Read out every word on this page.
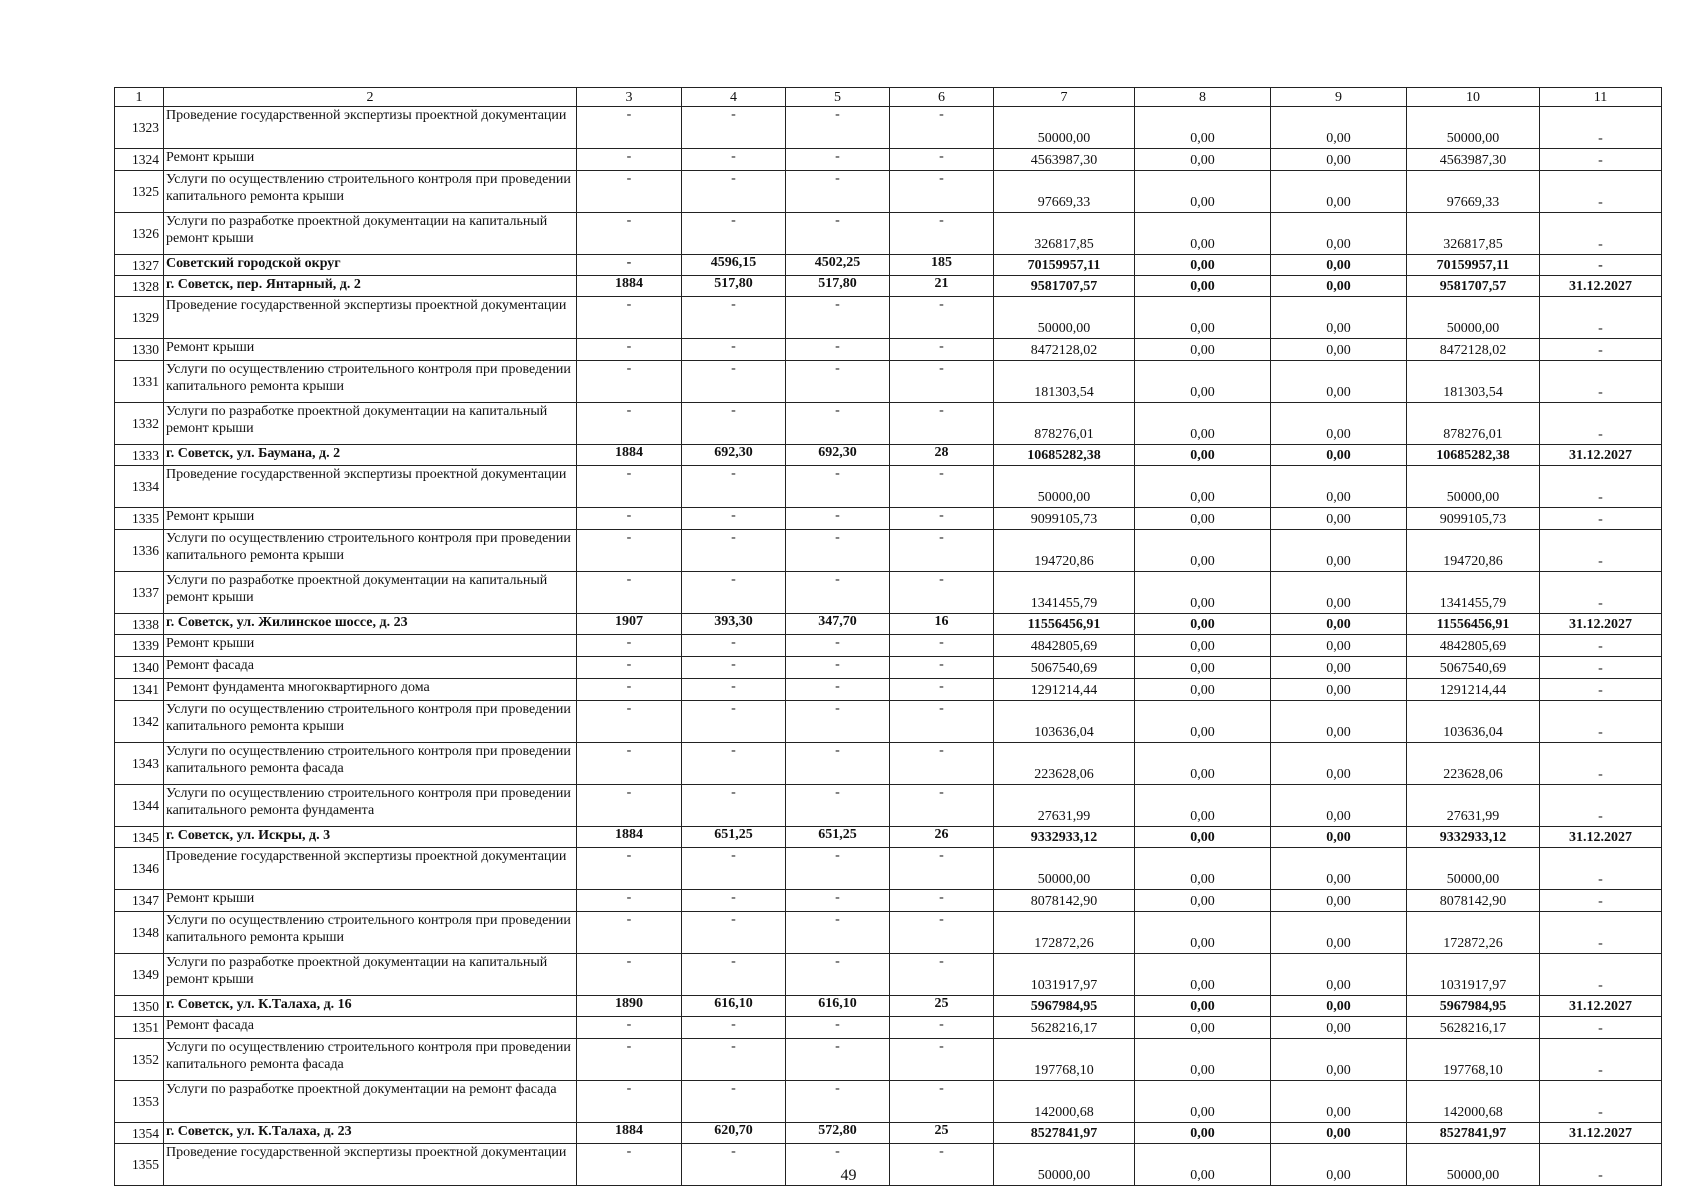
1	2	3	4	5	6	7	8	9	10	11
1323	Проведение государственной экспертизы проектной документации	-	-	-	-	50000,00	0,00	0,00	50000,00	-
1324	Ремонт крыши	-	-	-	-	4563987,30	0,00	0,00	4563987,30	-
1325	Услуги по осуществлению строительного контроля при проведении капитального ремонта крыши	-	-	-	-	97669,33	0,00	0,00	97669,33	-
1326	Услуги по разработке проектной документации на капитальный ремонт крыши	-	-	-	-	326817,85	0,00	0,00	326817,85	-
1327	Советский городской округ	-	4596,15	4502,25	185	70159957,11	0,00	0,00	70159957,11	-
1328	г. Советск, пер. Янтарный, д. 2	1884	517,80	517,80	21	9581707,57	0,00	0,00	9581707,57	31.12.2027
1329	Проведение государственной экспертизы проектной документации	-	-	-	-	50000,00	0,00	0,00	50000,00	-
1330	Ремонт крыши	-	-	-	-	8472128,02	0,00	0,00	8472128,02	-
1331	Услуги по осуществлению строительного контроля при проведении капитального ремонта крыши	-	-	-	-	181303,54	0,00	0,00	181303,54	-
1332	Услуги по разработке проектной документации на капитальный ремонт крыши	-	-	-	-	878276,01	0,00	0,00	878276,01	-
1333	г. Советск, ул. Баумана, д. 2	1884	692,30	692,30	28	10685282,38	0,00	0,00	10685282,38	31.12.2027
1334	Проведение государственной экспертизы проектной документации	-	-	-	-	50000,00	0,00	0,00	50000,00	-
1335	Ремонт крыши	-	-	-	-	9099105,73	0,00	0,00	9099105,73	-
1336	Услуги по осуществлению строительного контроля при проведении капитального ремонта крыши	-	-	-	-	194720,86	0,00	0,00	194720,86	-
1337	Услуги по разработке проектной документации на капитальный ремонт крыши	-	-	-	-	1341455,79	0,00	0,00	1341455,79	-
1338	г. Советск, ул. Жилинское шоссе, д. 23	1907	393,30	347,70	16	11556456,91	0,00	0,00	11556456,91	31.12.2027
1339	Ремонт крыши	-	-	-	-	4842805,69	0,00	0,00	4842805,69	-
1340	Ремонт фасада	-	-	-	-	5067540,69	0,00	0,00	5067540,69	-
1341	Ремонт фундамента многоквартирного дома	-	-	-	-	1291214,44	0,00	0,00	1291214,44	-
1342	Услуги по осуществлению строительного контроля при проведении капитального ремонта крыши	-	-	-	-	103636,04	0,00	0,00	103636,04	-
1343	Услуги по осуществлению строительного контроля при проведении капитального ремонта фасада	-	-	-	-	223628,06	0,00	0,00	223628,06	-
1344	Услуги по осуществлению строительного контроля при проведении капитального ремонта фундамента	-	-	-	-	27631,99	0,00	0,00	27631,99	-
1345	г. Советск, ул. Искры, д. 3	1884	651,25	651,25	26	9332933,12	0,00	0,00	9332933,12	31.12.2027
1346	Проведение государственной экспертизы проектной документации	-	-	-	-	50000,00	0,00	0,00	50000,00	-
1347	Ремонт крыши	-	-	-	-	8078142,90	0,00	0,00	8078142,90	-
1348	Услуги по осуществлению строительного контроля при проведении капитального ремонта крыши	-	-	-	-	172872,26	0,00	0,00	172872,26	-
1349	Услуги по разработке проектной документации на капитальный ремонт крыши	-	-	-	-	1031917,97	0,00	0,00	1031917,97	-
1350	г. Советск, ул. К.Талаха, д. 16	1890	616,10	616,10	25	5967984,95	0,00	0,00	5967984,95	31.12.2027
1351	Ремонт фасада	-	-	-	-	5628216,17	0,00	0,00	5628216,17	-
1352	Услуги по осуществлению строительного контроля при проведении капитального ремонта фасада	-	-	-	-	197768,10	0,00	0,00	197768,10	-
1353	Услуги по разработке проектной документации на ремонт фасада	-	-	-	-	142000,68	0,00	0,00	142000,68	-
1354	г. Советск, ул. К.Талаха, д. 23	1884	620,70	572,80	25	8527841,97	0,00	0,00	8527841,97	31.12.2027
1355	Проведение государственной экспертизы проектной документации	-	-	-	-	50000,00	0,00	0,00	50000,00	-
49
